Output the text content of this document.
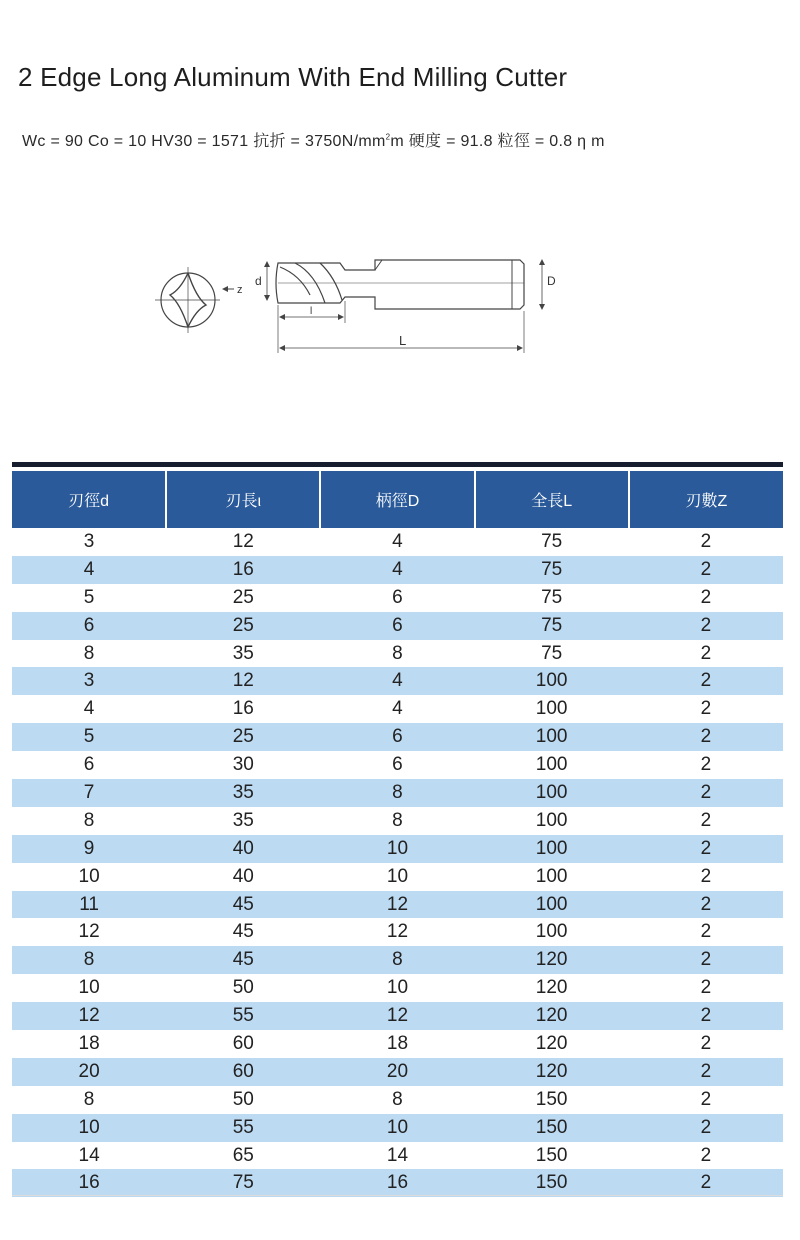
2 Edge Long Aluminum With End Milling Cutter
Wc = 90 Co = 10 HV30 = 1571 抗折 = $3750N/mm^2m$ 硬度 = 91.8 粒徑 = 0.8 η m
z
d	D
l
L
刃徑d	刃長ι	柄徑D	全長L	刃數Z
3	12	4	75	2
4	16	4	75	2
5	25	6	75	2
6	25	6	75	2
8	35	8	75	2
3	12	4	100	2
4	16	4	100	2
5	25	6	100	2
6	30	6	100	2
7	35	8	100	2
8	35	8	100	2
9	40	10	100	2
10	40	10	100	2
11	45	12	100	2
12	45	12	100	2
8	45	8	120	2
10	50	10	120	2
12	55	12	120	2
18	60	18	120	2
20	60	20	120	2
8	50	8	150	2
10	55	10	150	2
14	65	14	150	2
16	75	16	150	2
